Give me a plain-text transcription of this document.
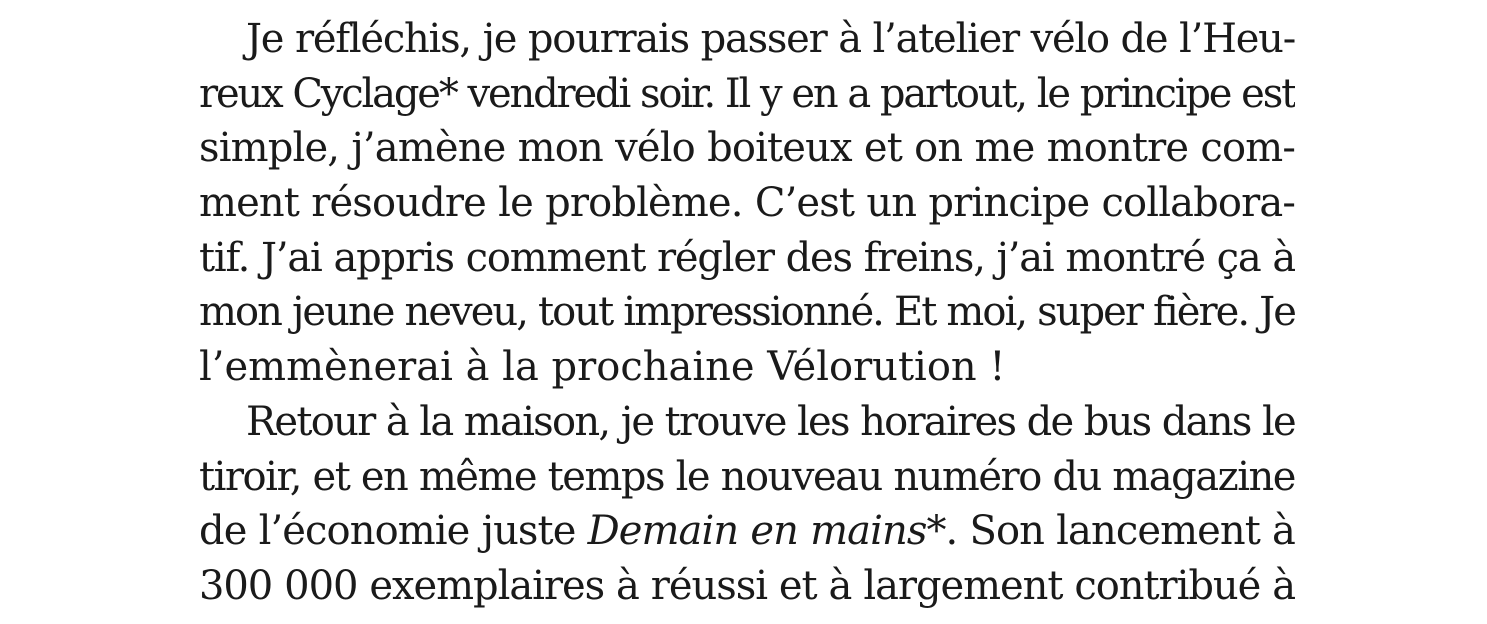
Je réfléchis, je pourrais passer à l’atelier vélo de l’Heu-
reux Cyclage* vendredi soir. Il y en a partout, le principe est
simple, j’amène mon vélo boiteux et on me montre com-
ment résoudre le problème. C’est un principe collabora-
tif. J’ai appris comment régler des freins, j’ai montré ça à
mon jeune neveu, tout impressionné. Et moi, super fière. Je
l’emmènerai à la prochaine Vélorution !
Retour à la maison, je trouve les horaires de bus dans le
tiroir, et en même temps le nouveau numéro du magazine
de l’économie juste Demain en mains*. Son lancement à
300 000 exemplaires à réussi et à largement contribué à
